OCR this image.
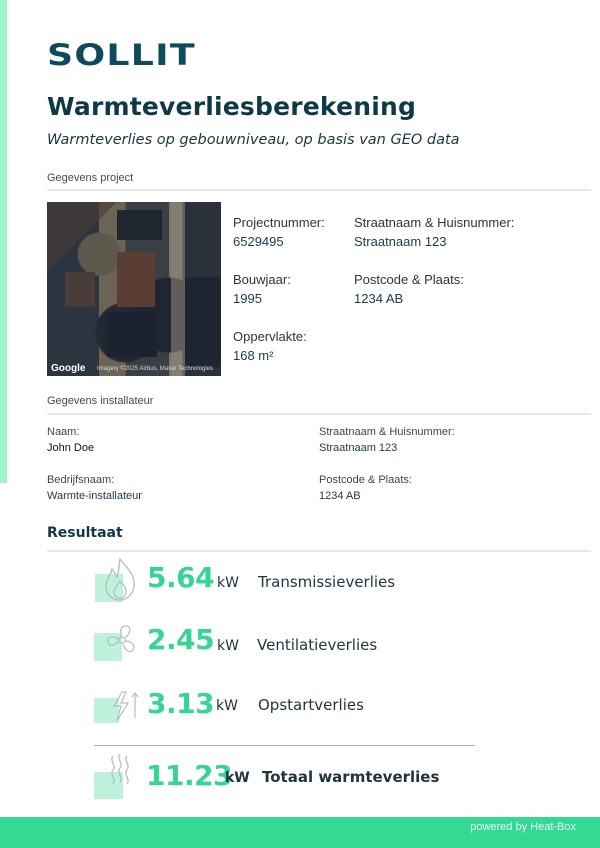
SOLLIT
Warmteverliesberekening
Warmteverlies op gebouwniveau, op basis van GEO data
Gegevens project
Google Imagery ©2025 Airbus, Maxar Technologies
Projectnummer:
6529495
Bouwjaar:
1995
Oppervlakte:
168 m²
Straatnaam & Huisnummer:
Straatnaam 123
Postcode & Plaats:
1234 AB
Gegevens installateur
Naam:
John Doe
Bedrijfsnaam:
Warmte-installateur
Straatnaam & Huisnummer:
Straatnaam 123
Postcode & Plaats:
1234 AB
Resultaat
5.64 kW Transmissieverlies
2.45 kW Ventilatieverlies
3.13 kW Opstartverlies
11.23
kW Totaal warmteverlies
powered by Heat-Box
